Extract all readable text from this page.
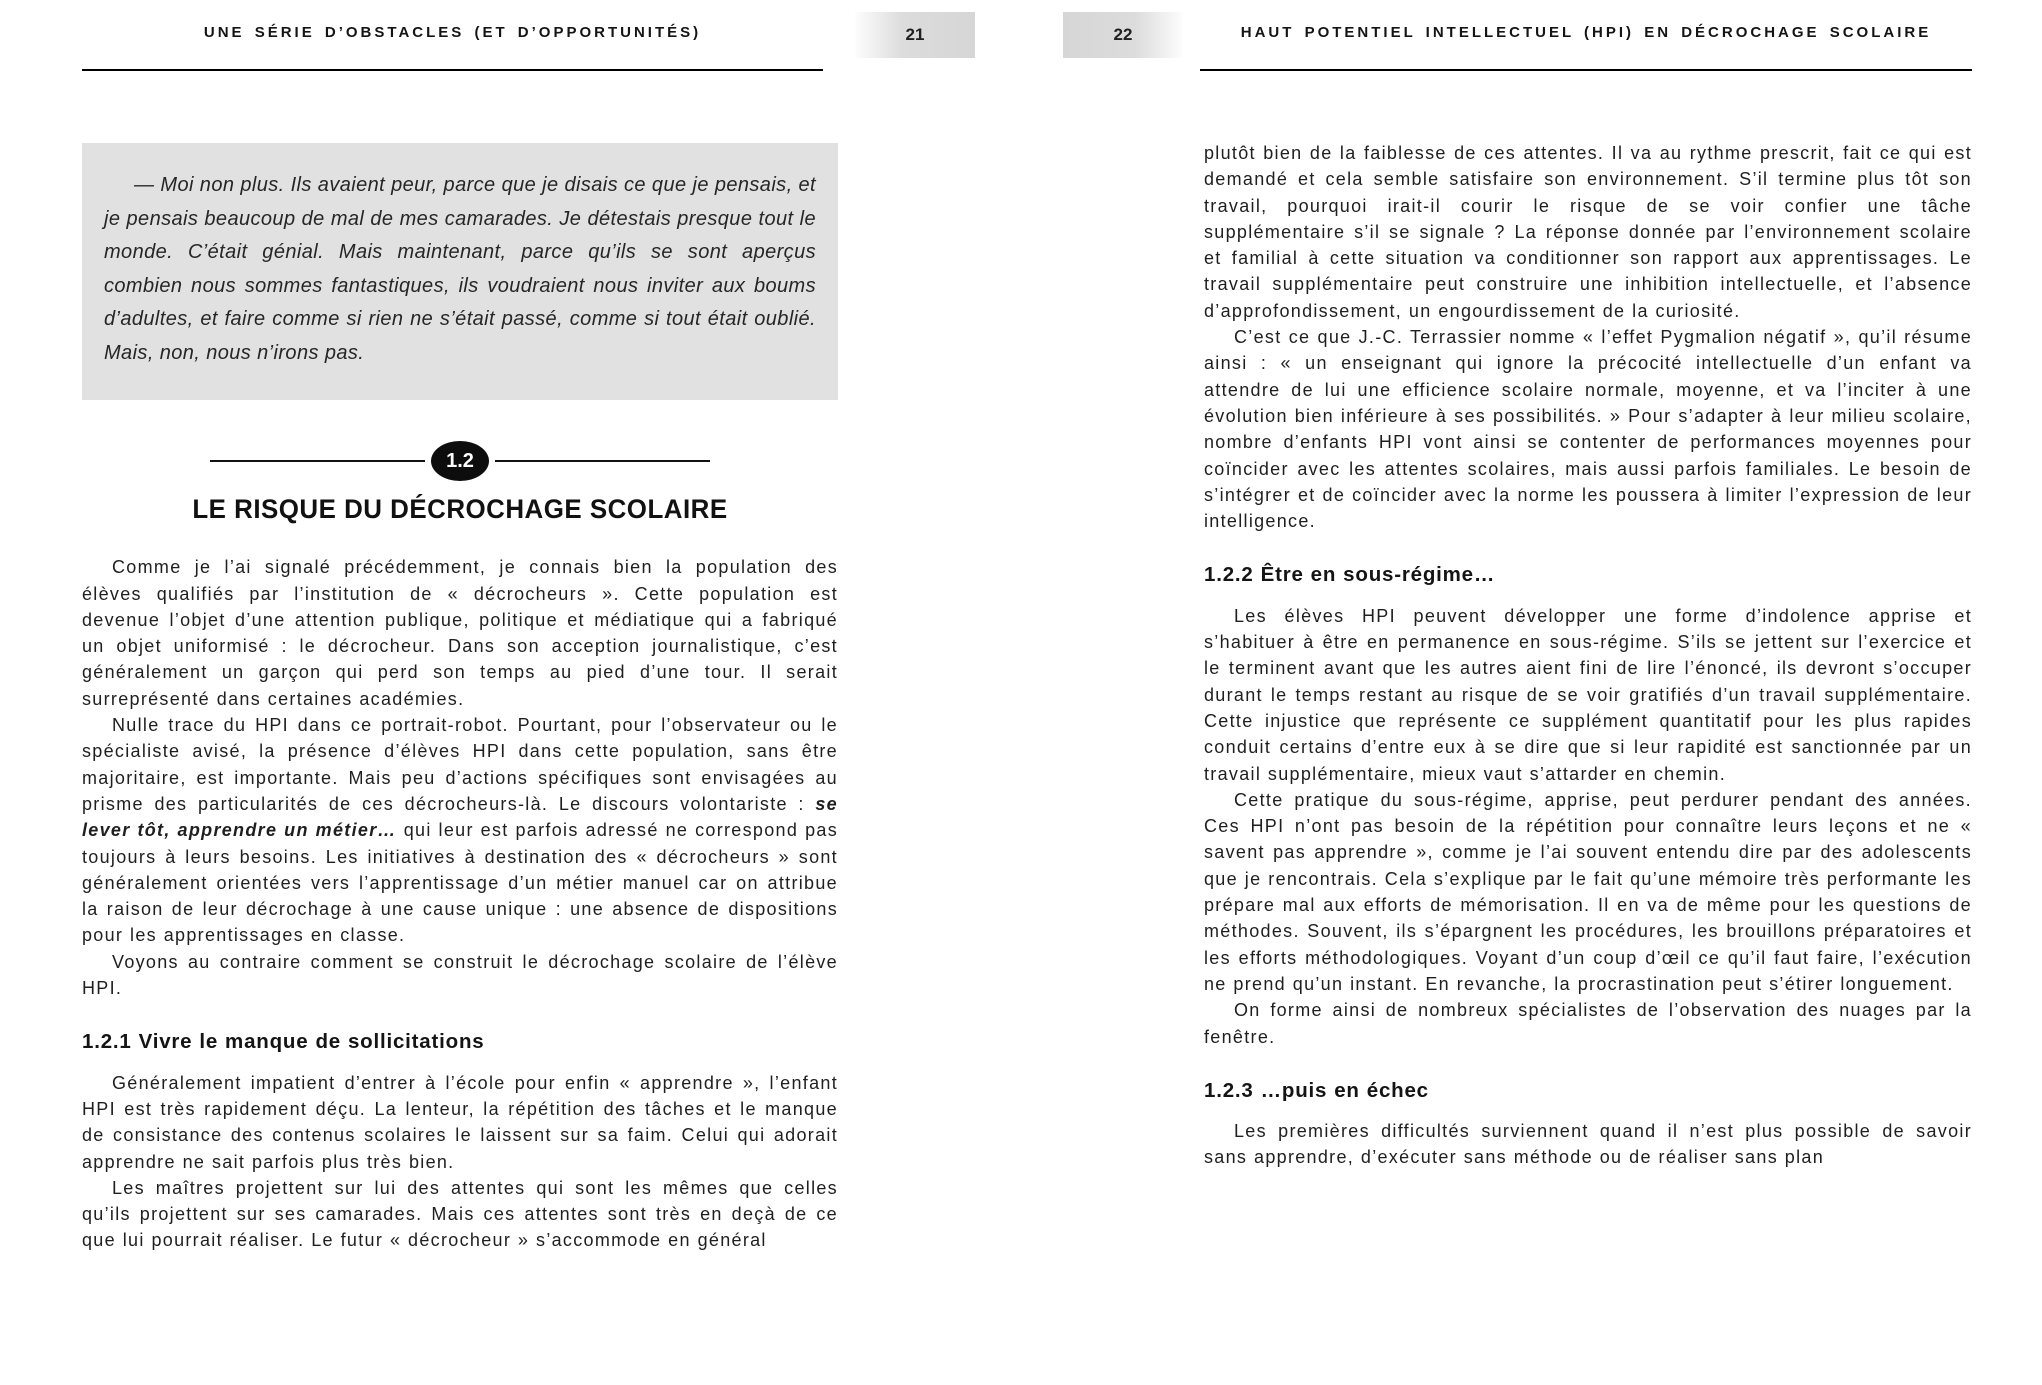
UNE SÉRIE D’OBSTACLES (ET D’OPPORTUNITÉS)	21	HAUT POTENTIEL INTELLECTUEL (HPI) EN DÉCROCHAGE SCOLAIRE
22

— Moi non plus. Ils avaient peur, parce que je disais ce que je pensais, et je pensais beaucoup de mal de mes camarades. Je détestais presque tout le monde. C’était génial. Mais maintenant, parce qu’ils se sont aperçus combien nous sommes fantastiques, ils voudraient nous inviter aux boums d’adultes, et faire comme si rien ne s’était passé, comme si tout était oublié. Mais, non, nous n’irons pas.

1.2
LE RISQUE DU DÉCROCHAGE SCOLAIRE

Comme je l’ai signalé précédemment, je connais bien la population des élèves qualifiés par l’institution de « décrocheurs ». Cette population est devenue l’objet d’une attention publique, politique et médiatique qui a fabriqué un objet uniformisé : le décrocheur. Dans son acception journalistique, c’est généralement un garçon qui perd son temps au pied d’une tour. Il serait surreprésenté dans certaines académies.

Nulle trace du HPI dans ce portrait-robot. Pourtant, pour l’observateur ou le spécialiste avisé, la présence d’élèves HPI dans cette population, sans être majoritaire, est importante. Mais peu d’actions spécifiques sont envisagées au prisme des particularités de ces décrocheurs-là. Le discours volontariste : se lever tôt, apprendre un métier… qui leur est parfois adressé ne correspond pas toujours à leurs besoins. Les initiatives à destination des « décrocheurs » sont généralement orientées vers l’apprentissage d’un métier manuel car on attribue la raison de leur décrochage à une cause unique : une absence de dispositions pour les apprentissages en classe.

Voyons au contraire comment se construit le décrochage scolaire de l’élève HPI.

1.2.1 Vivre le manque de sollicitations

Généralement impatient d’entrer à l’école pour enfin « apprendre », l’enfant HPI est très rapidement déçu. La lenteur, la répétition des tâches et le manque de consistance des contenus scolaires le laissent sur sa faim. Celui qui adorait apprendre ne sait parfois plus très bien.

Les maîtres projettent sur lui des attentes qui sont les mêmes que celles qu’ils projettent sur ses camarades. Mais ces attentes sont très en deçà de ce que lui pourrait réaliser. Le futur « décrocheur » s’accommode en général

plutôt bien de la faiblesse de ces attentes. Il va au rythme prescrit, fait ce qui est demandé et cela semble satisfaire son environnement. S’il termine plus tôt son travail, pourquoi irait-il courir le risque de se voir confier une tâche supplémentaire s’il se signale ? La réponse donnée par l’environnement scolaire et familial à cette situation va conditionner son rapport aux apprentissages. Le travail supplémentaire peut construire une inhibition intellectuelle, et l’absence d’approfondissement, un engourdissement de la curiosité.

C’est ce que J.-C. Terrassier nomme « l’effet Pygmalion négatif », qu’il résume ainsi : « un enseignant qui ignore la précocité intellectuelle d’un enfant va attendre de lui une efficience scolaire normale, moyenne, et va l’inciter à une évolution bien inférieure à ses possibilités. » Pour s’adapter à leur milieu scolaire, nombre d’enfants HPI vont ainsi se contenter de performances moyennes pour coïncider avec les attentes scolaires, mais aussi parfois familiales. Le besoin de s’intégrer et de coïncider avec la norme les poussera à limiter l’expression de leur intelligence.

1.2.2 Être en sous-régime…

Les élèves HPI peuvent développer une forme d’indolence apprise et s’habituer à être en permanence en sous-régime. S’ils se jettent sur l’exercice et le terminent avant que les autres aient fini de lire l’énoncé, ils devront s’occuper durant le temps restant au risque de se voir gratifiés d’un travail supplémentaire. Cette injustice que représente ce supplément quantitatif pour les plus rapides conduit certains d’entre eux à se dire que si leur rapidité est sanctionnée par un travail supplémentaire, mieux vaut s’attarder en chemin.

Cette pratique du sous-régime, apprise, peut perdurer pendant des années. Ces HPI n’ont pas besoin de la répétition pour connaître leurs leçons et ne « savent pas apprendre », comme je l’ai souvent entendu dire par des adolescents que je rencontrais. Cela s’explique par le fait qu’une mémoire très performante les prépare mal aux efforts de mémorisation. Il en va de même pour les questions de méthodes. Souvent, ils s’épargnent les procédures, les brouillons préparatoires et les efforts méthodologiques. Voyant d’un coup d’œil ce qu’il faut faire, l’exécution ne prend qu’un instant. En revanche, la procrastination peut s’étirer longuement.

On forme ainsi de nombreux spécialistes de l’observation des nuages par la fenêtre.

1.2.3 …puis en échec

Les premières difficultés surviennent quand il n’est plus possible de savoir sans apprendre, d’exécuter sans méthode ou de réaliser sans plan
